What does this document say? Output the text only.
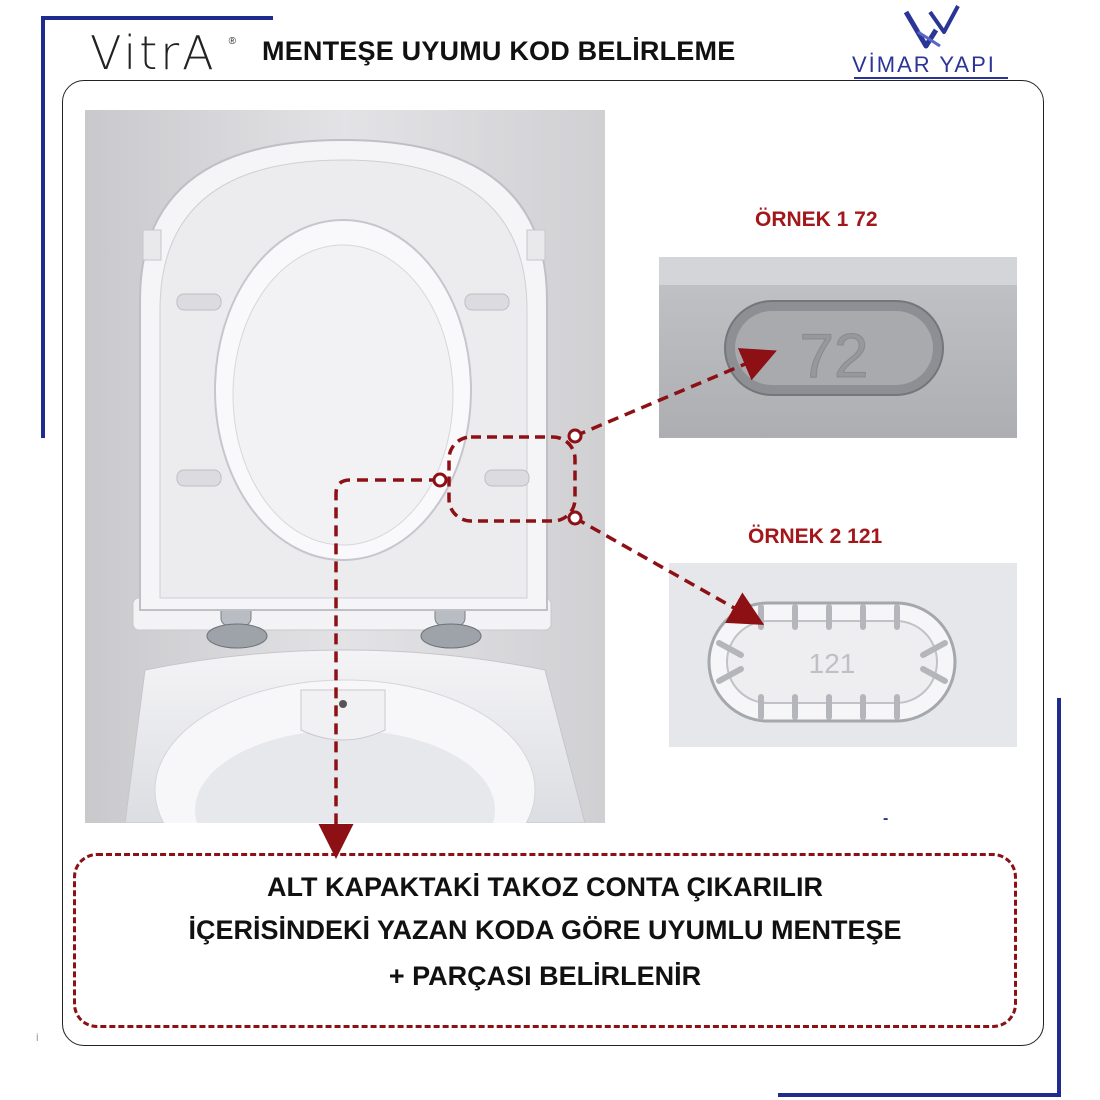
VitrA ® MENTEŞE UYUMU KOD BELİRLEME	VİMAR YAPI
ÖRNEK 1 72
72
ÖRNEK 2 121
121
ALT KAPAKTAKİ TAKOZ CONTA ÇIKARILIR
İÇERİSİNDEKİ YAZAN KODA GÖRE UYUMLU MENTEŞE
+ PARÇASI BELİRLENİR
İ
-
